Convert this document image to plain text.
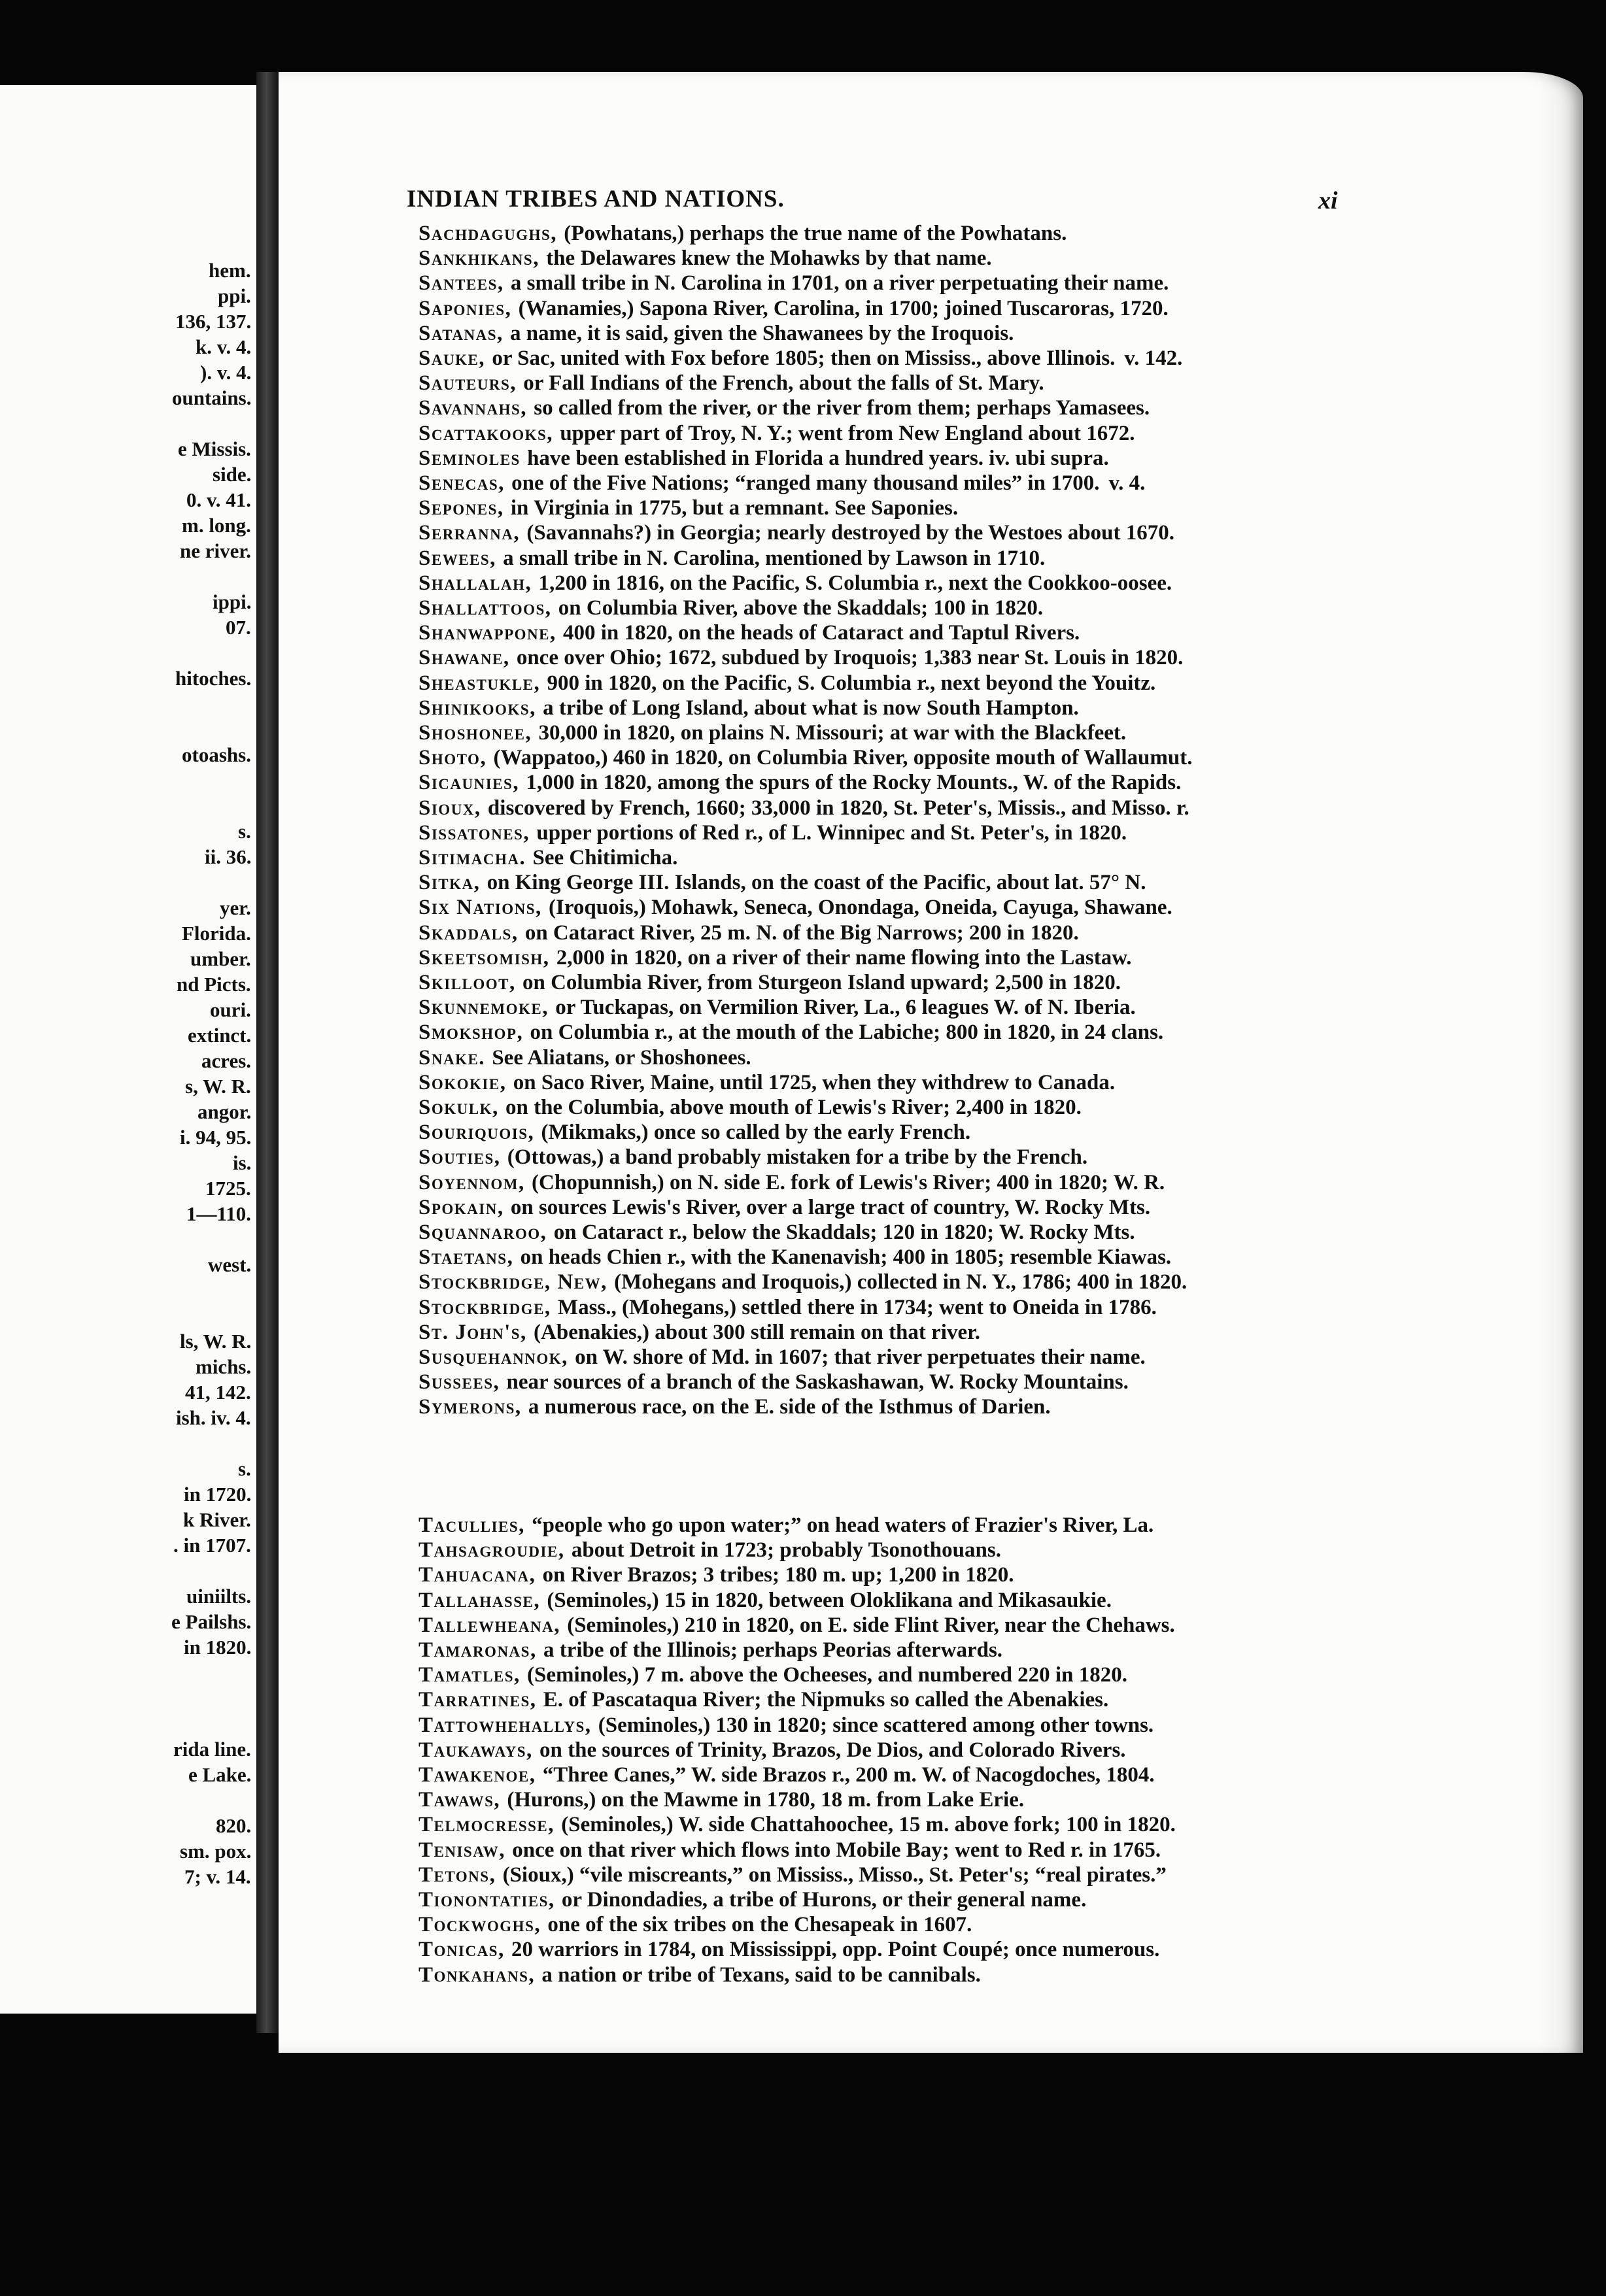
hem.
ppi.
136, 137.
k. v. 4.
). v. 4.
ountains.
e Missis.
side.
0. v. 41.
m. long.
ne river.
ippi.
07.
hitoches.
otoashs.
s.
ii. 36.
yer.
Florida.
umber.
nd Picts.
ouri.
extinct.
acres.
s, W. R.
angor.
i. 94, 95.
is.
1725.
1—110.
west.
ls, W. R.
michs.
41, 142.
ish. iv. 4.
s.
in 1720.
k River.
. in 1707.
uiniilts.
e Pailshs.
in 1820.
rida line.
e Lake.
820.
sm. pox.
7; v. 14.
INDIAN TRIBES AND NATIONS.	xi
Sachdagughs, (Powhatans,) perhaps the true name of the Powhatans.
Sankhikans, the Delawares knew the Mohawks by that name.
Santees, a small tribe in N. Carolina in 1701, on a river perpetuating their name.
Saponies, (Wanamies,) Sapona River, Carolina, in 1700; joined Tuscaroras, 1720.
Satanas, a name, it is said, given the Shawanees by the Iroquois.
Sauke, or Sac, united with Fox before 1805; then on Mississ., above Illinois. v. 142.
Sauteurs, or Fall Indians of the French, about the falls of St. Mary.
Savannahs, so called from the river, or the river from them; perhaps Yamasees.
Scattakooks, upper part of Troy, N. Y.; went from New England about 1672.
Seminoles have been established in Florida a hundred years. iv. ubi supra.
Senecas, one of the Five Nations; “ranged many thousand miles” in 1700. v. 4.
Sepones, in Virginia in 1775, but a remnant. See Saponies.
Serranna, (Savannahs?) in Georgia; nearly destroyed by the Westoes about 1670.
Sewees, a small tribe in N. Carolina, mentioned by Lawson in 1710.
Shallalah, 1,200 in 1816, on the Pacific, S. Columbia r., next the Cookkoo-oosee.
Shallattoos, on Columbia River, above the Skaddals; 100 in 1820.
Shanwappone, 400 in 1820, on the heads of Cataract and Taptul Rivers.
Shawane, once over Ohio; 1672, subdued by Iroquois; 1,383 near St. Louis in 1820.
Sheastukle, 900 in 1820, on the Pacific, S. Columbia r., next beyond the Youitz.
Shinikooks, a tribe of Long Island, about what is now South Hampton.
Shoshonee, 30,000 in 1820, on plains N. Missouri; at war with the Blackfeet.
Shoto, (Wappatoo,) 460 in 1820, on Columbia River, opposite mouth of Wallaumut.
Sicaunies, 1,000 in 1820, among the spurs of the Rocky Mounts., W. of the Rapids.
Sioux, discovered by French, 1660; 33,000 in 1820, St. Peter's, Missis., and Misso. r.
Sissatones, upper portions of Red r., of L. Winnipec and St. Peter's, in 1820.
Sitimacha. See Chitimicha.
Sitka, on King George III. Islands, on the coast of the Pacific, about lat. 57° N.
Six Nations, (Iroquois,) Mohawk, Seneca, Onondaga, Oneida, Cayuga, Shawane.
Skaddals, on Cataract River, 25 m. N. of the Big Narrows; 200 in 1820.
Skeetsomish, 2,000 in 1820, on a river of their name flowing into the Lastaw.
Skilloot, on Columbia River, from Sturgeon Island upward; 2,500 in 1820.
Skunnemoke, or Tuckapas, on Vermilion River, La., 6 leagues W. of N. Iberia.
Smokshop, on Columbia r., at the mouth of the Labiche; 800 in 1820, in 24 clans.
Snake. See Aliatans, or Shoshonees.
Sokokie, on Saco River, Maine, until 1725, when they withdrew to Canada.
Sokulk, on the Columbia, above mouth of Lewis's River; 2,400 in 1820.
Souriquois, (Mikmaks,) once so called by the early French.
Souties, (Ottowas,) a band probably mistaken for a tribe by the French.
Soyennom, (Chopunnish,) on N. side E. fork of Lewis's River; 400 in 1820; W. R.
Spokain, on sources Lewis's River, over a large tract of country, W. Rocky Mts.
Squannaroo, on Cataract r., below the Skaddals; 120 in 1820; W. Rocky Mts.
Staetans, on heads Chien r., with the Kanenavish; 400 in 1805; resemble Kiawas.
Stockbridge, New, (Mohegans and Iroquois,) collected in N. Y., 1786; 400 in 1820.
Stockbridge, Mass., (Mohegans,) settled there in 1734; went to Oneida in 1786.
St. John's, (Abenakies,) about 300 still remain on that river.
Susquehannok, on W. shore of Md. in 1607; that river perpetuates their name.
Sussees, near sources of a branch of the Saskashawan, W. Rocky Mountains.
Symerons, a numerous race, on the E. side of the Isthmus of Darien.
Tacullies, “people who go upon water;” on head waters of Frazier's River, La.
Tahsagroudie, about Detroit in 1723; probably Tsonothouans.
Tahuacana, on River Brazos; 3 tribes; 180 m. up; 1,200 in 1820.
Tallahasse, (Seminoles,) 15 in 1820, between Oloklikana and Mikasaukie.
Tallewheana, (Seminoles,) 210 in 1820, on E. side Flint River, near the Chehaws.
Tamaronas, a tribe of the Illinois; perhaps Peorias afterwards.
Tamatles, (Seminoles,) 7 m. above the Ocheeses, and numbered 220 in 1820.
Tarratines, E. of Pascataqua River; the Nipmuks so called the Abenakies.
Tattowhehallys, (Seminoles,) 130 in 1820; since scattered among other towns.
Taukaways, on the sources of Trinity, Brazos, De Dios, and Colorado Rivers.
Tawakenoe, “Three Canes,” W. side Brazos r., 200 m. W. of Nacogdoches, 1804.
Tawaws, (Hurons,) on the Mawme in 1780, 18 m. from Lake Erie.
Telmocresse, (Seminoles,) W. side Chattahoochee, 15 m. above fork; 100 in 1820.
Tenisaw, once on that river which flows into Mobile Bay; went to Red r. in 1765.
Tetons, (Sioux,) “vile miscreants,” on Mississ., Misso., St. Peter's; “real pirates.”
Tionontaties, or Dinondadies, a tribe of Hurons, or their general name.
Tockwoghs, one of the six tribes on the Chesapeak in 1607.
Tonicas, 20 warriors in 1784, on Mississippi, opp. Point Coupé; once numerous.
Tonkahans, a nation or tribe of Texans, said to be cannibals.
